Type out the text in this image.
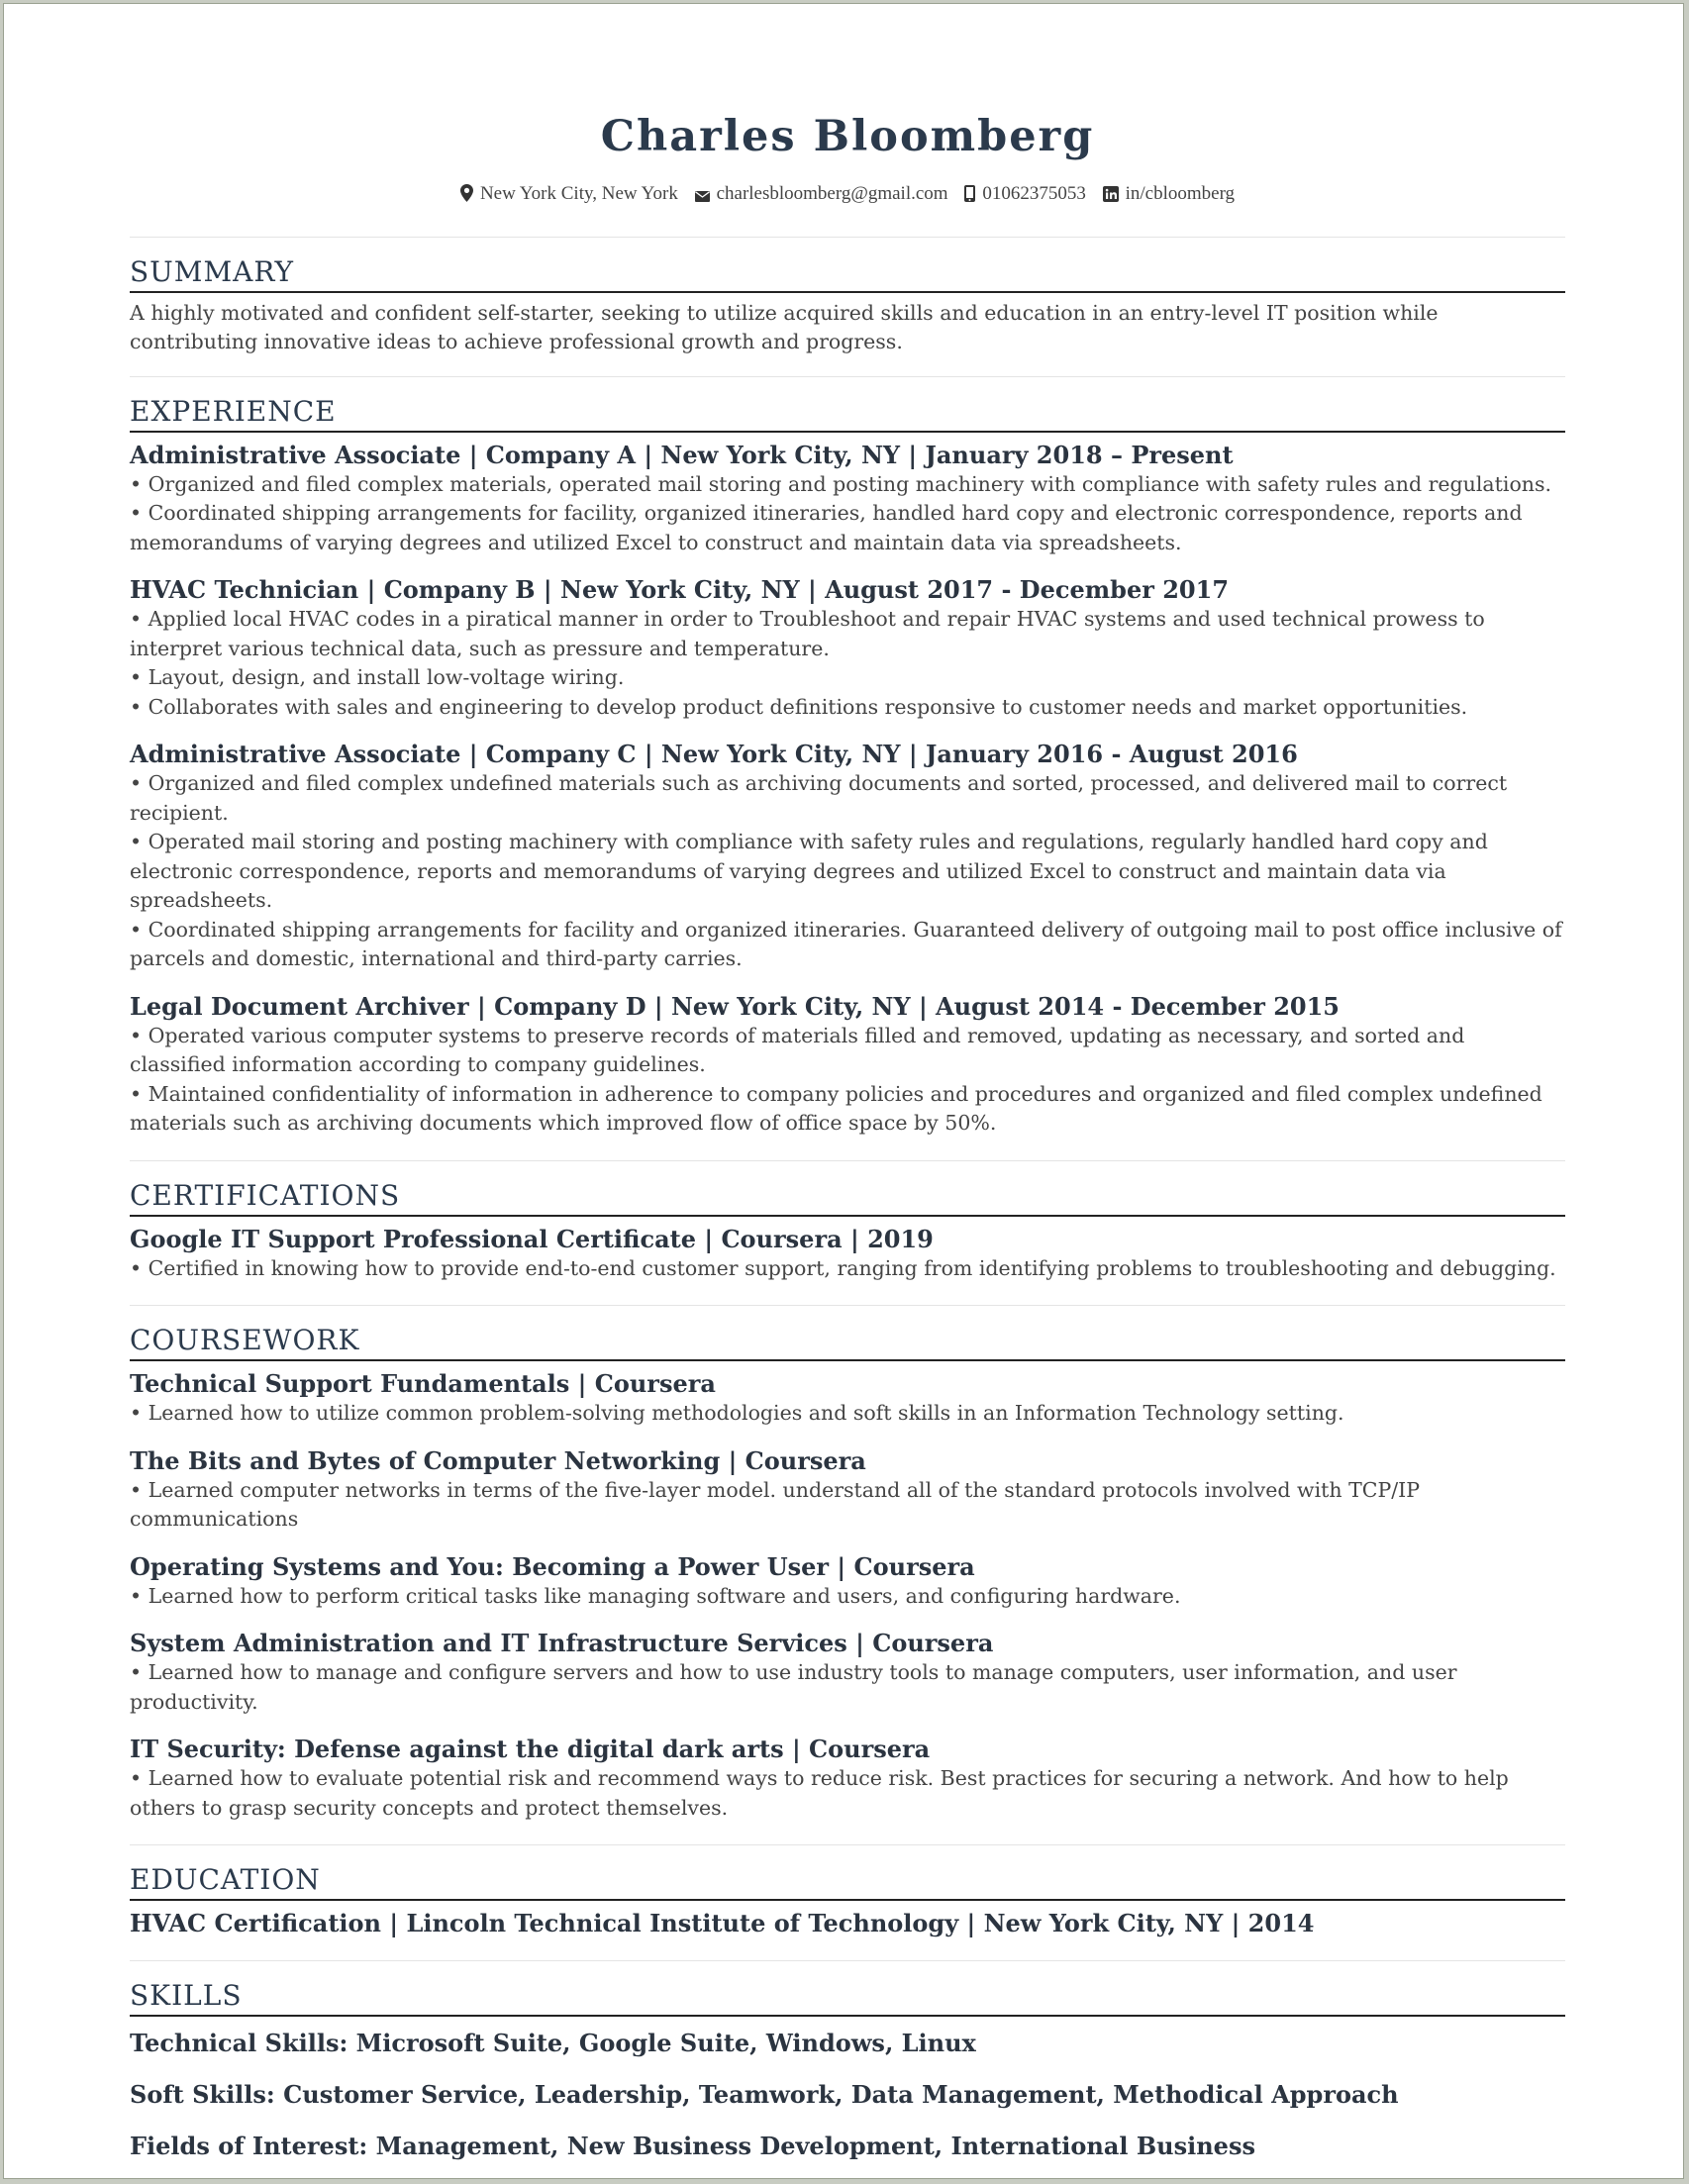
Charles Bloomberg
New York City, New York charlesbloomberg@gmail.com 01062375053 in/cbloomberg
SUMMARY
A highly motivated and confident self-starter, seeking to utilize acquired skills and education in an entry-level IT position while contributing innovative ideas to achieve professional growth and progress.
EXPERIENCE
Administrative Associate | Company A | New York City, NY | January 2018 – Present
• Organized and filed complex materials, operated mail storing and posting machinery with compliance with safety rules and regulations.
• Coordinated shipping arrangements for facility, organized itineraries, handled hard copy and electronic correspondence, reports and memorandums of varying degrees and utilized Excel to construct and maintain data via spreadsheets.
HVAC Technician | Company B | New York City, NY | August 2017 - December 2017
• Applied local HVAC codes in a piratical manner in order to Troubleshoot and repair HVAC systems and used technical prowess to interpret various technical data, such as pressure and temperature.
• Layout, design, and install low-voltage wiring.
• Collaborates with sales and engineering to develop product definitions responsive to customer needs and market opportunities.
Administrative Associate | Company C | New York City, NY | January 2016 - August 2016
• Organized and filed complex undefined materials such as archiving documents and sorted, processed, and delivered mail to correct recipient.
• Operated mail storing and posting machinery with compliance with safety rules and regulations, regularly handled hard copy and electronic correspondence, reports and memorandums of varying degrees and utilized Excel to construct and maintain data via spreadsheets.
• Coordinated shipping arrangements for facility and organized itineraries. Guaranteed delivery of outgoing mail to post office inclusive of parcels and domestic, international and third-party carries.
Legal Document Archiver | Company D | New York City, NY | August 2014 - December 2015
• Operated various computer systems to preserve records of materials filled and removed, updating as necessary, and sorted and classified information according to company guidelines.
• Maintained confidentiality of information in adherence to company policies and procedures and organized and filed complex undefined materials such as archiving documents which improved flow of office space by 50%.
CERTIFICATIONS
Google IT Support Professional Certificate | Coursera | 2019
• Certified in knowing how to provide end-to-end customer support, ranging from identifying problems to troubleshooting and debugging.
COURSEWORK
Technical Support Fundamentals | Coursera
• Learned how to utilize common problem-solving methodologies and soft skills in an Information Technology setting.
The Bits and Bytes of Computer Networking | Coursera
• Learned computer networks in terms of the five-layer model. understand all of the standard protocols involved with TCP/IP communications
Operating Systems and You: Becoming a Power User | Coursera
• Learned how to perform critical tasks like managing software and users, and configuring hardware.
System Administration and IT Infrastructure Services | Coursera
• Learned how to manage and configure servers and how to use industry tools to manage computers, user information, and user productivity.
IT Security: Defense against the digital dark arts | Coursera
• Learned how to evaluate potential risk and recommend ways to reduce risk. Best practices for securing a network. And how to help others to grasp security concepts and protect themselves.
EDUCATION
HVAC Certification | Lincoln Technical Institute of Technology | New York City, NY | 2014
SKILLS
Technical Skills: Microsoft Suite, Google Suite, Windows, Linux
Soft Skills: Customer Service, Leadership, Teamwork, Data Management, Methodical Approach
Fields of Interest: Management, New Business Development, International Business
